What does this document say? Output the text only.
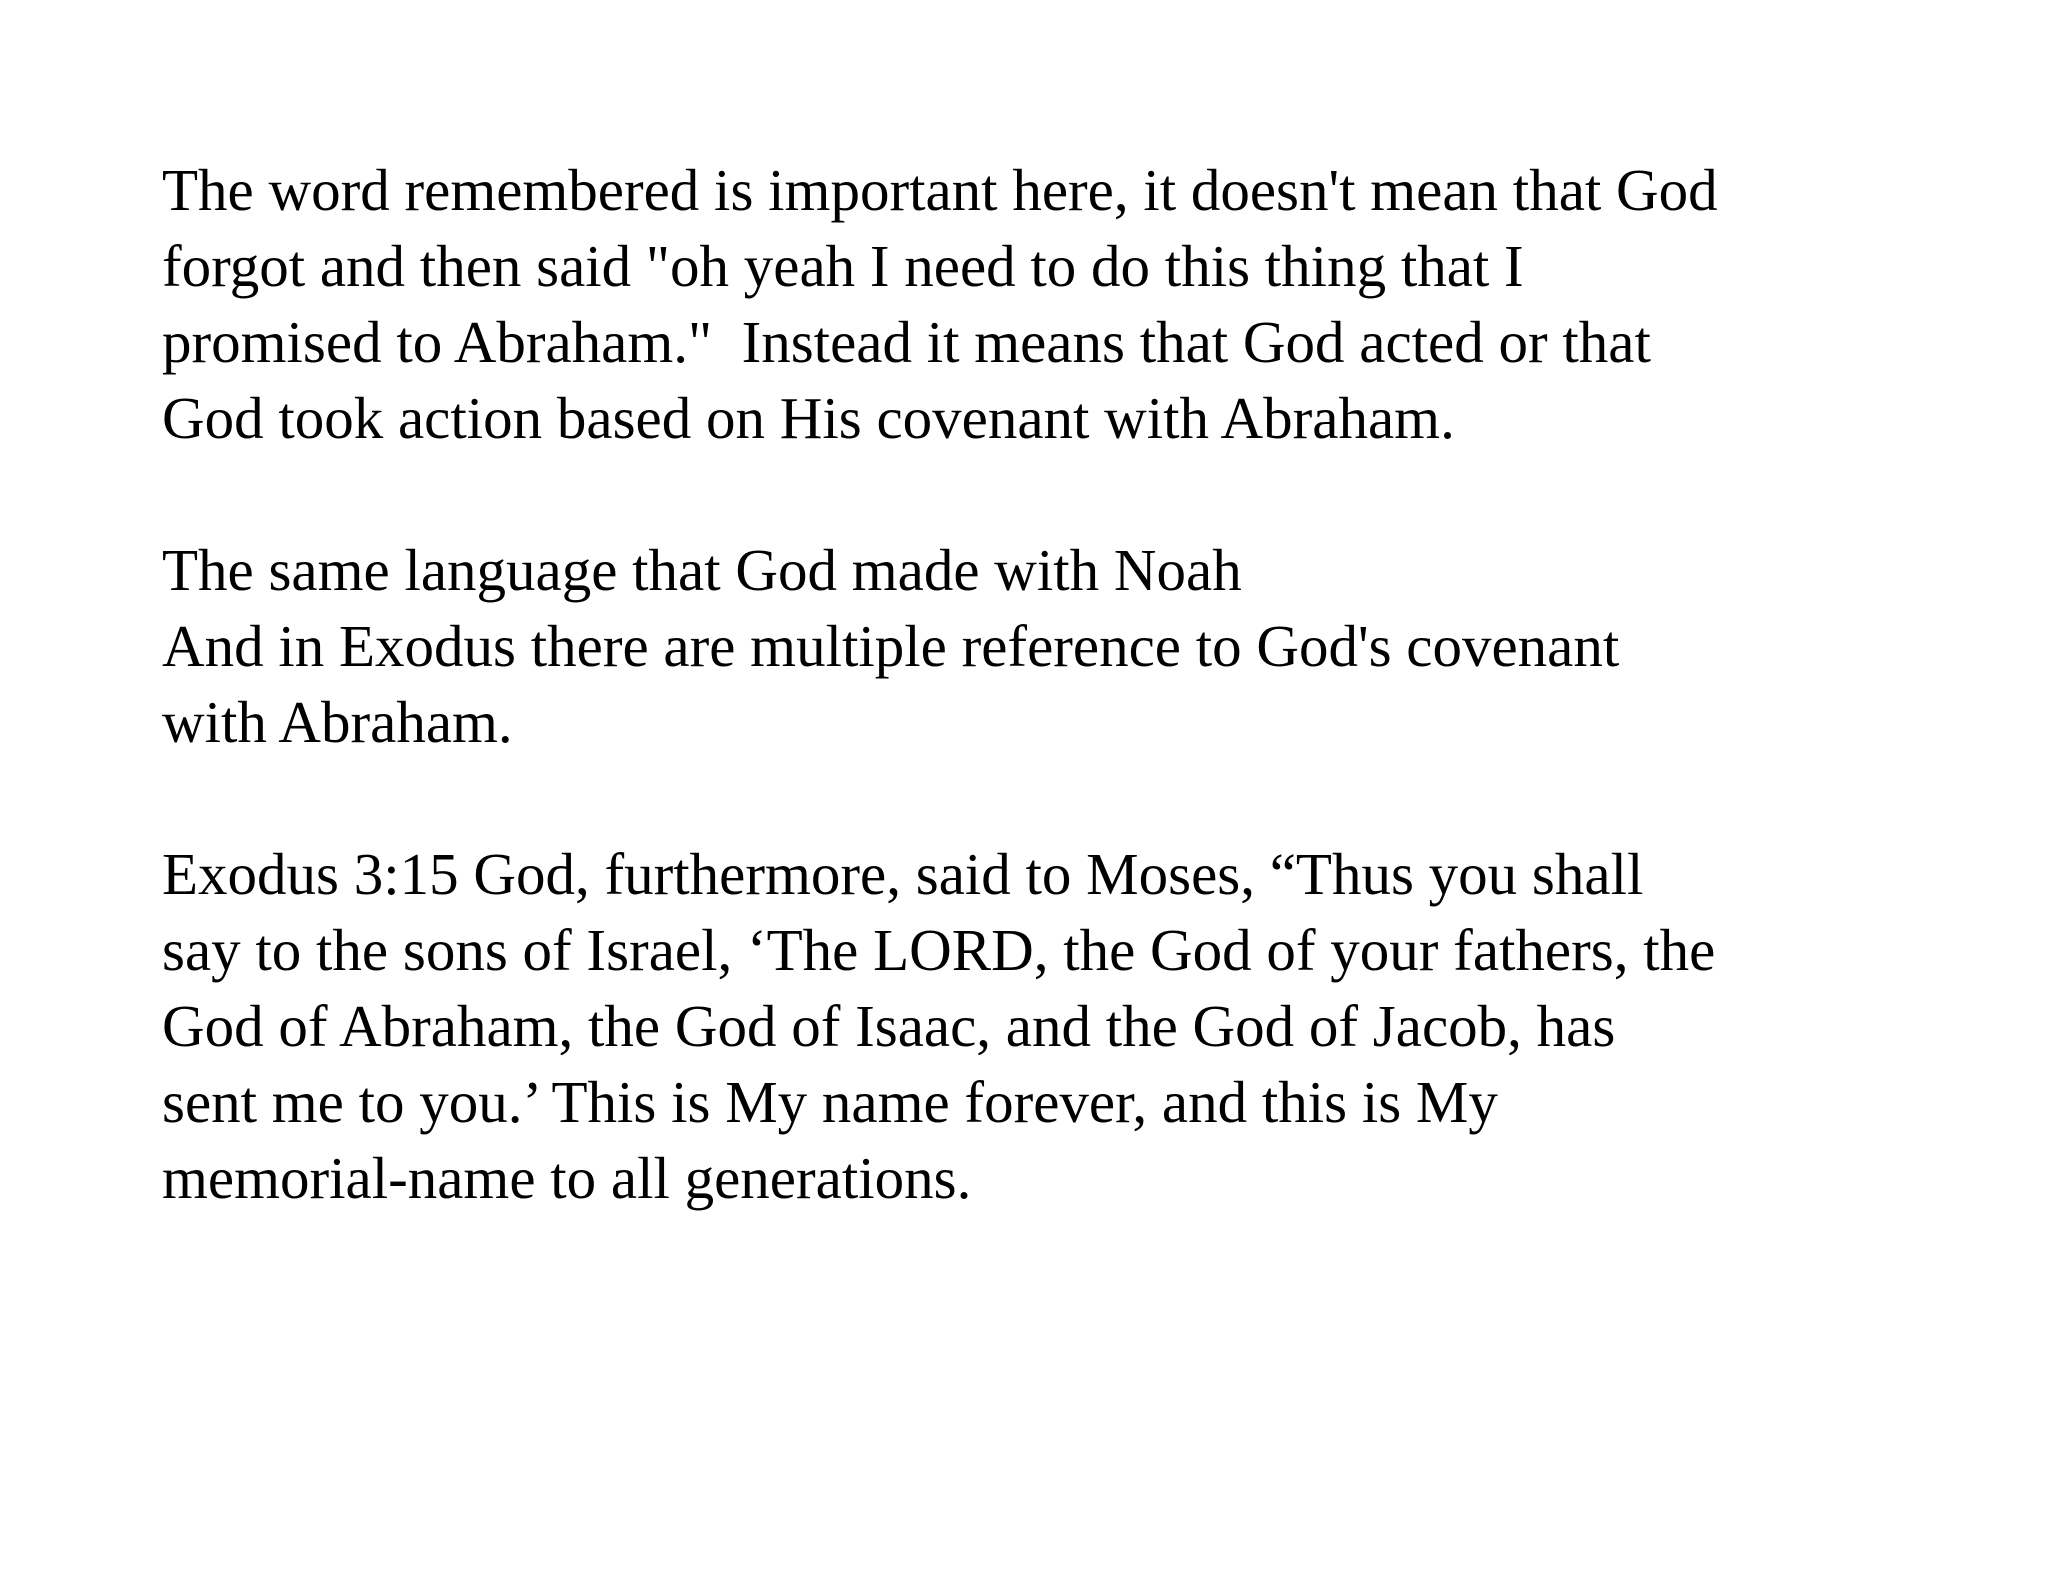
The word remembered is important here, it doesn't mean that God
forgot and then said "oh yeah I need to do this thing that I
promised to Abraham."  Instead it means that God acted or that
God took action based on His covenant with Abraham.

The same language that God made with Noah
And in Exodus there are multiple reference to God's covenant
with Abraham.

Exodus 3:15 God, furthermore, said to Moses, “Thus you shall
say to the sons of Israel, ‘The LORD, the God of your fathers, the
God of Abraham, the God of Isaac, and the God of Jacob, has
sent me to you.’ This is My name forever, and this is My
memorial-name to all generations.
